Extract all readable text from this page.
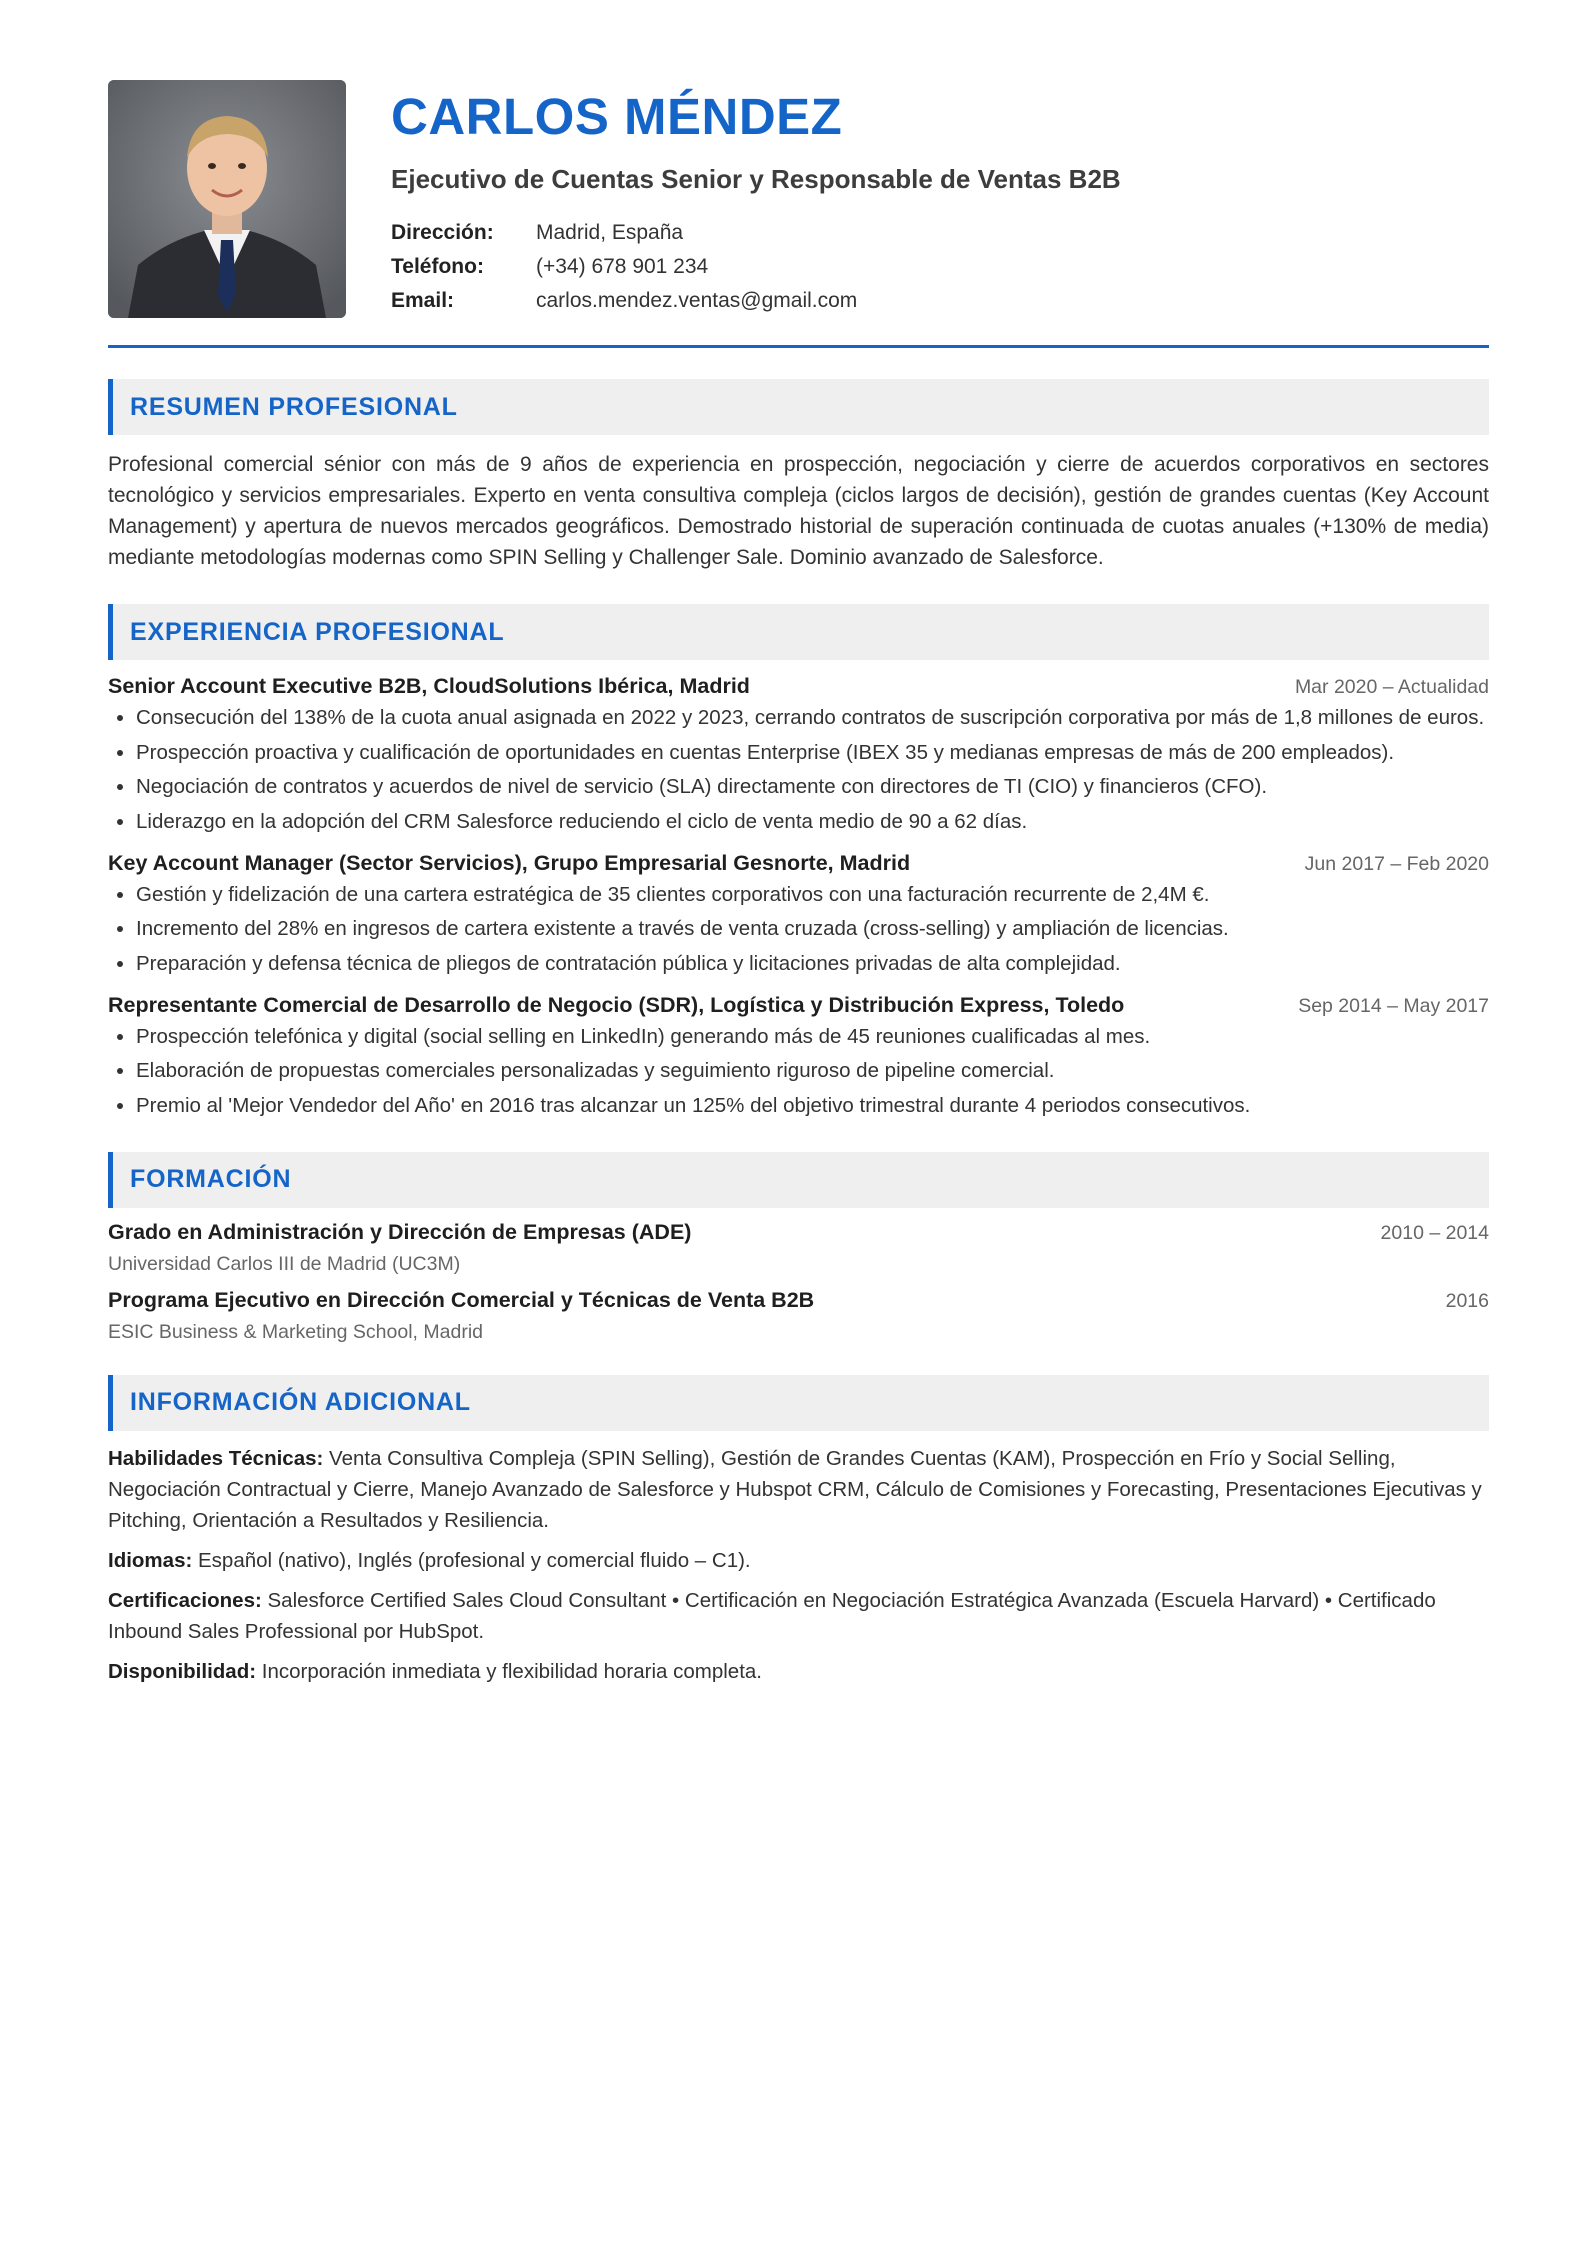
CARLOS MÉNDEZ
Ejecutivo de Cuentas Senior y Responsable de Ventas B2B
Dirección:	Madrid, España
Teléfono:	(+34) 678 901 234
Email:	carlos.mendez.ventas@gmail.com
RESUMEN PROFESIONAL
Profesional comercial sénior con más de 9 años de experiencia en prospección, negociación y cierre de acuerdos corporativos en sectores tecnológico y servicios empresariales. Experto en venta consultiva compleja (ciclos largos de decisión), gestión de grandes cuentas (Key Account Management) y apertura de nuevos mercados geográficos. Demostrado historial de superación continuada de cuotas anuales (+130% de media) mediante metodologías modernas como SPIN Selling y Challenger Sale. Dominio avanzado de Salesforce.
EXPERIENCIA PROFESIONAL
Senior Account Executive B2B, CloudSolutions Ibérica, Madrid	Mar 2020 – Actualidad
• Consecución del 138% de la cuota anual asignada en 2022 y 2023, cerrando contratos de suscripción corporativa por más de 1,8 millones de euros.
• Prospección proactiva y cualificación de oportunidades en cuentas Enterprise (IBEX 35 y medianas empresas de más de 200 empleados).
• Negociación de contratos y acuerdos de nivel de servicio (SLA) directamente con directores de TI (CIO) y financieros (CFO).
• Liderazgo en la adopción del CRM Salesforce reduciendo el ciclo de venta medio de 90 a 62 días.
Key Account Manager (Sector Servicios), Grupo Empresarial Gesnorte, Madrid	Jun 2017 – Feb 2020
• Gestión y fidelización de una cartera estratégica de 35 clientes corporativos con una facturación recurrente de 2,4M €.
• Incremento del 28% en ingresos de cartera existente a través de venta cruzada (cross-selling) y ampliación de licencias.
• Preparación y defensa técnica de pliegos de contratación pública y licitaciones privadas de alta complejidad.
Representante Comercial de Desarrollo de Negocio (SDR), Logística y Distribución Express, Toledo	Sep 2014 – May 2017
• Prospección telefónica y digital (social selling en LinkedIn) generando más de 45 reuniones cualificadas al mes.
• Elaboración de propuestas comerciales personalizadas y seguimiento riguroso de pipeline comercial.
• Premio al 'Mejor Vendedor del Año' en 2016 tras alcanzar un 125% del objetivo trimestral durante 4 periodos consecutivos.
FORMACIÓN
Grado en Administración y Dirección de Empresas (ADE)	2010 – 2014
Universidad Carlos III de Madrid (UC3M)
Programa Ejecutivo en Dirección Comercial y Técnicas de Venta B2B	2016
ESIC Business & Marketing School, Madrid
INFORMACIÓN ADICIONAL
Habilidades Técnicas: Venta Consultiva Compleja (SPIN Selling), Gestión de Grandes Cuentas (KAM), Prospección en Frío y Social Selling, Negociación Contractual y Cierre, Manejo Avanzado de Salesforce y Hubspot CRM, Cálculo de Comisiones y Forecasting, Presentaciones Ejecutivas y Pitching, Orientación a Resultados y Resiliencia.
Idiomas: Español (nativo), Inglés (profesional y comercial fluido – C1).
Certificaciones: Salesforce Certified Sales Cloud Consultant • Certificación en Negociación Estratégica Avanzada (Escuela Harvard) • Certificado Inbound Sales Professional por HubSpot.
Disponibilidad: Incorporación inmediata y flexibilidad horaria completa.
